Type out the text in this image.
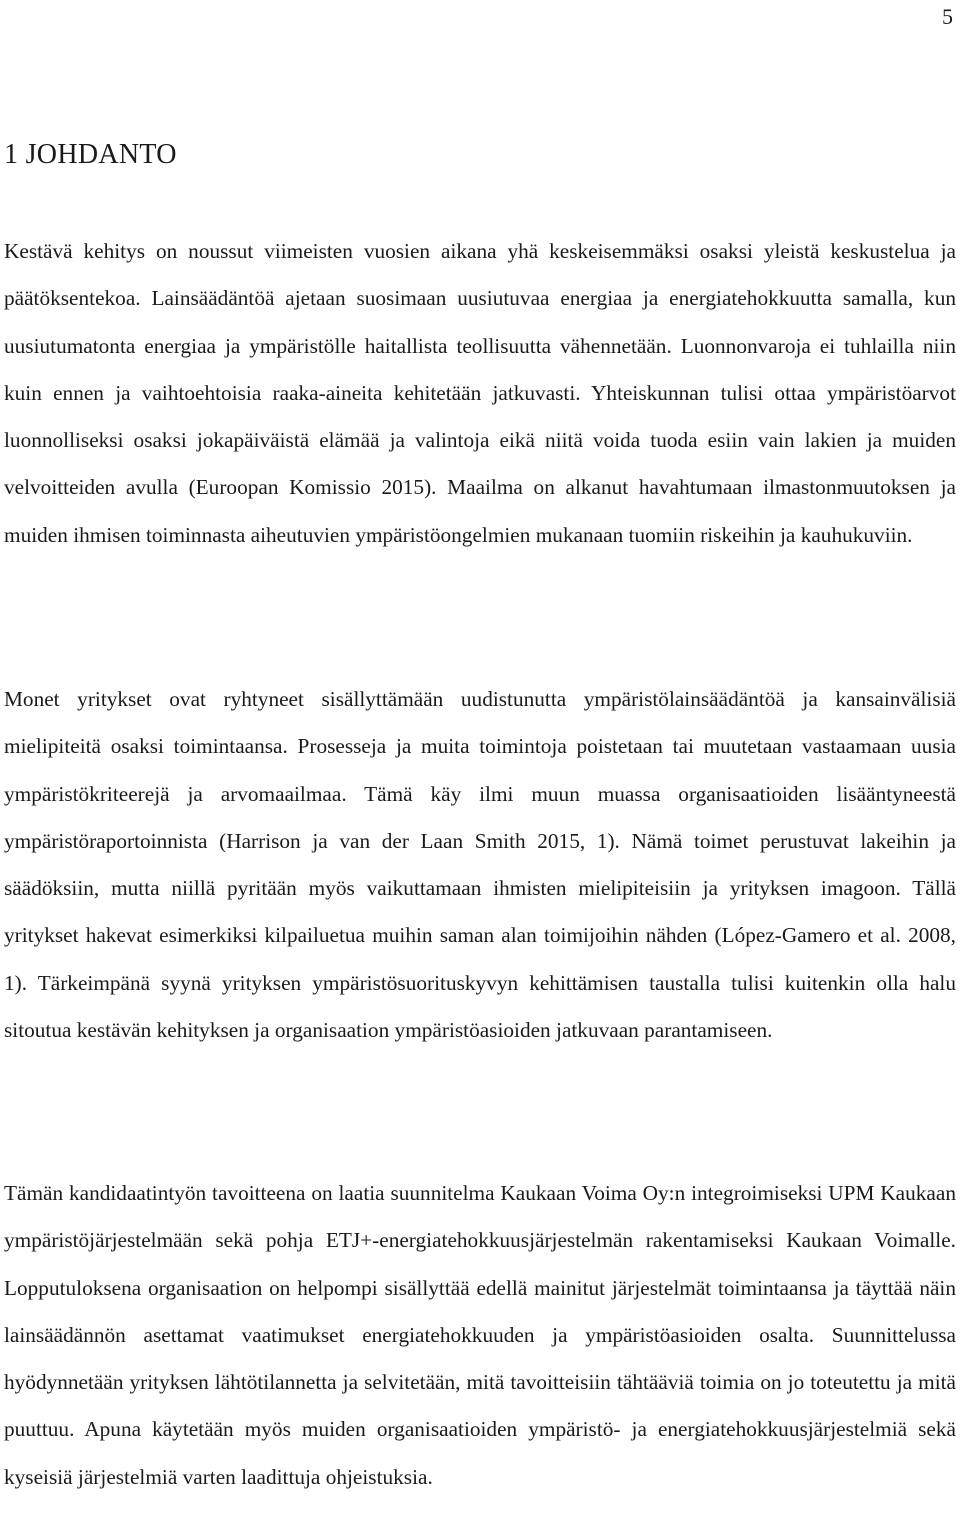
5
1 JOHDANTO

Kestävä kehitys on noussut viimeisten vuosien aikana yhä keskeisemmäksi osaksi yleistä keskustelua ja päätöksentekoa. Lainsäädäntöä ajetaan suosimaan uusiutuvaa energiaa ja energiatehokkuutta samalla, kun uusiutumatonta energiaa ja ympäristölle haitallista teollisuutta vähennetään. Luonnonvaroja ei tuhlailla niin kuin ennen ja vaihtoehtoisia raaka-aineita kehitetään jatkuvasti. Yhteiskunnan tulisi ottaa ympäristöarvot luonnolliseksi osaksi jokapäiväistä elämää ja valintoja eikä niitä voida tuoda esiin vain lakien ja muiden velvoitteiden avulla (Euroopan Komissio 2015). Maailma on alkanut havahtumaan ilmastonmuutoksen ja muiden ihmisen toiminnasta aiheutuvien ympäristöongelmien mukanaan tuomiin riskeihin ja kauhukuviin.

Monet yritykset ovat ryhtyneet sisällyttämään uudistunutta ympäristölainsäädäntöä ja kansainvälisiä mielipiteitä osaksi toimintaansa. Prosesseja ja muita toimintoja poistetaan tai muutetaan vastaamaan uusia ympäristökriteerejä ja arvomaailmaa. Tämä käy ilmi muun muassa organisaatioiden lisääntyneestä ympäristöraportoinnista (Harrison ja van der Laan Smith 2015, 1). Nämä toimet perustuvat lakeihin ja säädöksiin, mutta niillä pyritään myös vaikuttamaan ihmisten mielipiteisiin ja yrityksen imagoon. Tällä yritykset hakevat esimerkiksi kilpailuetua muihin saman alan toimijoihin nähden (López-Gamero et al. 2008, 1). Tärkeimpänä syynä yrityksen ympäristösuorituskyvyn kehittämisen taustalla tulisi kuitenkin olla halu sitoutua kestävän kehityksen ja organisaation ympäristöasioiden jatkuvaan parantamiseen.

Tämän kandidaatintyön tavoitteena on laatia suunnitelma Kaukaan Voima Oy:n integroimiseksi UPM Kaukaan ympäristöjärjestelmään sekä pohja ETJ+-energiatehokkuusjärjestelmän rakentamiseksi Kaukaan Voimalle. Lopputuloksena organisaation on helpompi sisällyttää edellä mainitut järjestelmät toimintaansa ja täyttää näin lainsäädännön asettamat vaatimukset energiatehokkuuden ja ympäristöasioiden osalta. Suunnittelussa hyödynnetään yrityksen lähtötilannetta ja selvitetään, mitä tavoitteisiin tähtääviä toimia on jo toteutettu ja mitä puuttuu. Apuna käytetään myös muiden organisaatioiden ympäristö- ja energiatehokkuusjärjestelmiä sekä kyseisiä järjestelmiä varten laadittuja ohjeistuksia.
